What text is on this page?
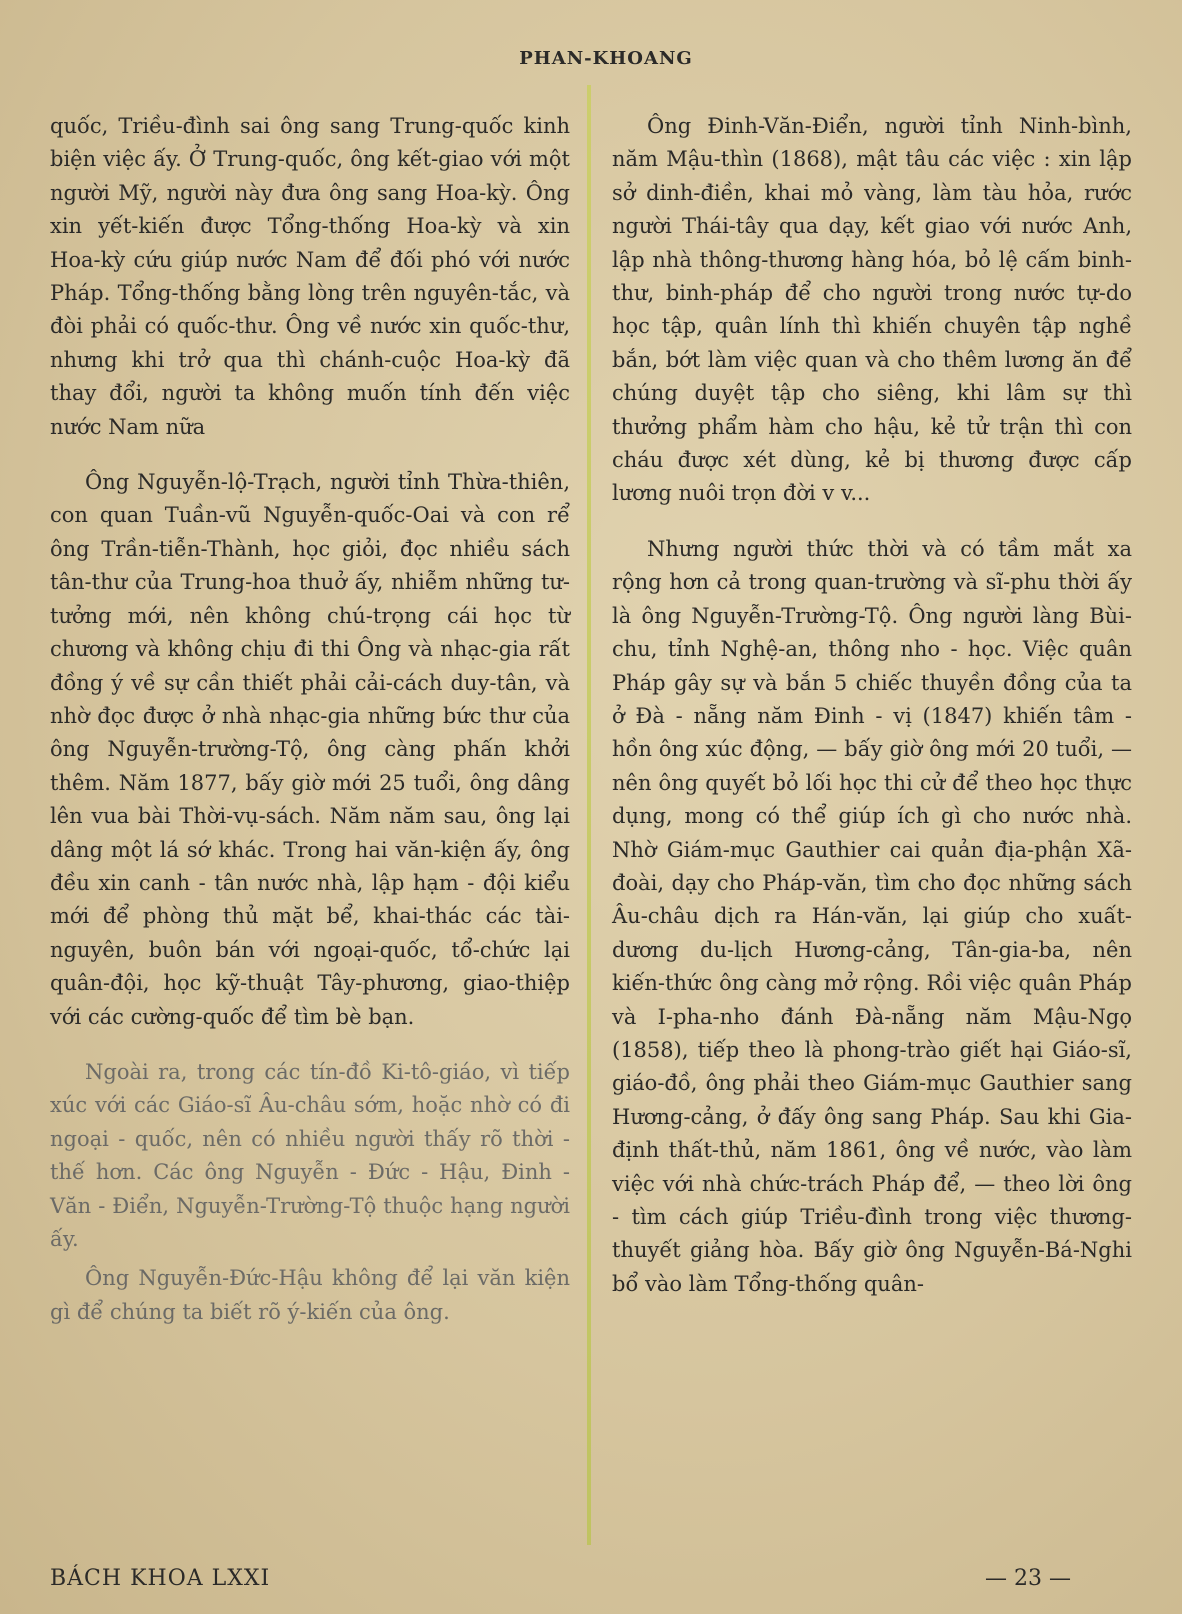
PHAN-KHOANG

quốc, Triều-đình sai ông sang Trung-quốc kinh biện việc ấy. Ở Trung-quốc, ông kết-giao với một người Mỹ, người này đưa ông sang Hoa-kỳ. Ông xin yết-kiến được Tổng-thống Hoa-kỳ và xin Hoa-kỳ cứu giúp nước Nam để đối phó với nước Pháp. Tổng-thống bằng lòng trên nguyên-tắc, và đòi phải có quốc-thư. Ông về nước xin quốc-thư, nhưng khi trở qua thì chánh-cuộc Hoa-kỳ đã thay đổi, người ta không muốn tính đến việc nước Nam nữa

Ông Nguyễn-lộ-Trạch, người tỉnh Thừa-thiên, con quan Tuần-vũ Nguyễn-quốc-Oai và con rể ông Trần-tiễn-Thành, học giỏi, đọc nhiều sách tân-thư của Trung-hoa thuở ấy, nhiễm những tư-tưởng mới, nên không chú-trọng cái học từ chương và không chịu đi thi Ông và nhạc-gia rất đồng ý về sự cần thiết phải cải-cách duy-tân, và nhờ đọc được ở nhà nhạc-gia những bức thư của ông Nguyễn-trường-Tộ, ông càng phấn khởi thêm. Năm 1877, bấy giờ mới 25 tuổi, ông dâng lên vua bài Thời-vụ-sách. Năm năm sau, ông lại dâng một lá sớ khác. Trong hai văn-kiện ấy, ông đều xin canh - tân nước nhà, lập hạm - đội kiểu mới để phòng thủ mặt bể, khai-thác các tài-nguyên, buôn bán với ngoại-quốc, tổ-chức lại quân-đội, học kỹ-thuật Tây-phương, giao-thiệp với các cường-quốc để tìm bè bạn.

Ngoài ra, trong các tín-đồ Ki-tô-giáo, vì tiếp xúc với các Giáo-sĩ Âu-châu sớm, hoặc nhờ có đi ngoại - quốc, nên có nhiều người thấy rõ thời - thế hơn. Các ông Nguyễn - Đức - Hậu, Đinh - Văn - Điển, Nguyễn-Trường-Tộ thuộc hạng người ấy.

Ông Nguyễn-Đức-Hậu không để lại văn kiện gì để chúng ta biết rõ ý-kiến của ông.

Ông Đinh-Văn-Điển, người tỉnh Ninh-bình, năm Mậu-thìn (1868), mật tâu các việc : xin lập sở dinh-điền, khai mỏ vàng, làm tàu hỏa, rước người Thái-tây qua dạy, kết giao với nước Anh, lập nhà thông-thương hàng hóa, bỏ lệ cấm binh-thư, binh-pháp để cho người trong nước tự-do học tập, quân lính thì khiến chuyên tập nghề bắn, bớt làm việc quan và cho thêm lương ăn để chúng duyệt tập cho siêng, khi lâm sự thì thưởng phẩm hàm cho hậu, kẻ tử trận thì con cháu được xét dùng, kẻ bị thương được cấp lương nuôi trọn đời v v...

Nhưng người thức thời và có tầm mắt xa rộng hơn cả trong quan-trường và sĩ-phu thời ấy là ông Nguyễn-Trường-Tộ. Ông người làng Bùi-chu, tỉnh Nghệ-an, thông nho - học. Việc quân Pháp gây sự và bắn 5 chiếc thuyền đồng của ta ở Đà - nẵng năm Đinh - vị (1847) khiến tâm - hồn ông xúc động, — bấy giờ ông mới 20 tuổi, — nên ông quyết bỏ lối học thi cử để theo học thực dụng, mong có thể giúp ích gì cho nước nhà. Nhờ Giám-mục Gauthier cai quản địa-phận Xã-đoài, dạy cho Pháp-văn, tìm cho đọc những sách Âu-châu dịch ra Hán-văn, lại giúp cho xuất-dương du-lịch Hương-cảng, Tân-gia-ba, nên kiến-thức ông càng mở rộng. Rồi việc quân Pháp và I-pha-nho đánh Đà-nẵng năm Mậu-Ngọ (1858), tiếp theo là phong-trào giết hại Giáo-sĩ, giáo-đồ, ông phải theo Giám-mục Gauthier sang Hương-cảng, ở đấy ông sang Pháp. Sau khi Gia-định thất-thủ, năm 1861, ông về nước, vào làm việc với nhà chức-trách Pháp để, — theo lời ông - tìm cách giúp Triều-đình trong việc thương-thuyết giảng hòa. Bấy giờ ông Nguyễn-Bá-Nghi bổ vào làm Tổng-thống quân-

BÁCH KHOA LXXI	— 23 —
